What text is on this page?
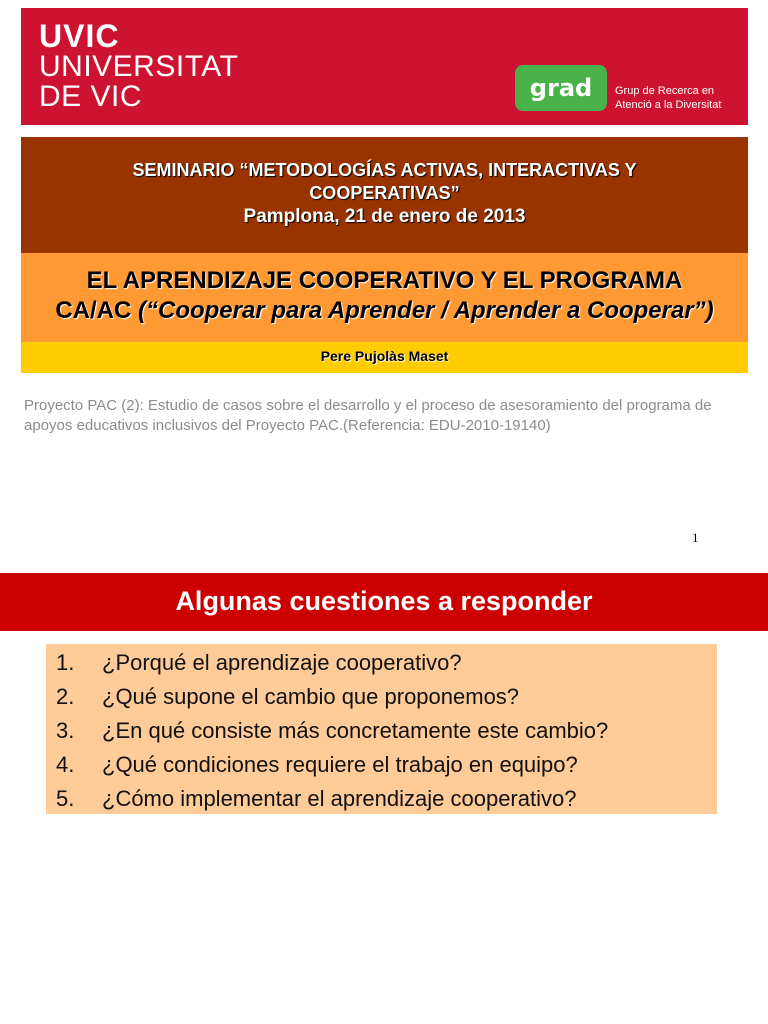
UVIC
UNIVERSITAT
DE VIC	grad Grup de Recerca en
Atenció a la Diversitat
SEMINARIO “METODOLOGÍAS ACTIVAS, INTERACTIVAS Y COOPERATIVAS”
Pamplona, 21 de enero de 2013
EL APRENDIZAJE COOPERATIVO Y EL PROGRAMA
CA/AC (“Cooperar para Aprender / Aprender a Cooperar”)
Pere Pujolàs Maset
Proyecto PAC (2): Estudio de casos sobre el desarrollo y el proceso de asesoramiento del programa de apoyos educativos inclusivos del Proyecto PAC.(Referencia: EDU-2010-19140)
1
Algunas cuestiones a responder
1.	¿Porqué el aprendizaje cooperativo?
2.	¿Qué supone el cambio que proponemos?
3.	¿En qué consiste más concretamente este cambio?
4.	¿Qué condiciones requiere el trabajo en equipo?
5.	¿Cómo implementar el aprendizaje cooperativo?
